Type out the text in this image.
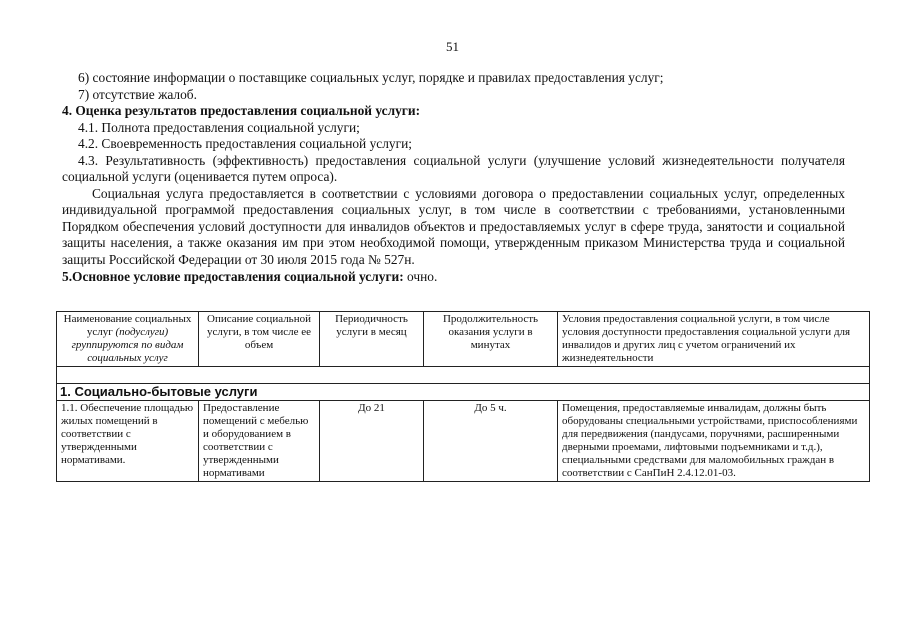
51

6) состояние информации о поставщике социальных услуг, порядке и правилах предоставления услуг;

7) отсутствие жалоб.

4. Оценка результатов предоставления социальной услуги:

4.1. Полнота предоставления социальной услуги;

4.2. Своевременность предоставления социальной услуги;

4.3. Результативность (эффективность) предоставления социальной услуги (улучшение условий жизнедеятельности получателя социальной услуги (оценивается путем опроса).

Социальная услуга предоставляется в соответствии с условиями договора о предоставлении социальных услуг, определенных индивидуальной программой предоставления социальных услуг, в том числе в соответствии с требованиями, установленными Порядком обеспечения условий доступности для инвалидов объектов и предоставляемых услуг в сфере труда, занятости и социальной защиты населения, а также оказания им при этом необходимой помощи, утвержденным приказом Министерства труда и социальной защиты Российской Федерации от 30 июля 2015 года № 527н.

5.Основное условие предоставления социальной услуги: очно.

Наименование социальных услуг (подуслуги) группируются по видам социальных услуг	Описание социальной услуги, в том числе ее объем	Периодичность услуги в месяц	Продолжительность оказания услуги в минутах	Условия предоставления социальной услуги, в том числе условия доступности предоставления социальной услуги для инвалидов и других лиц с учетом ограничений их жизнедеятельности

1. Социально-бытовые услуги				
1.1. Обеспечение площадью жилых помещений в соответствии с утвержденными нормативами.	Предоставление помещений с мебелью и оборудованием в соответствии с утвержденными нормативами	До 21	До 5 ч.	Помещения, предоставляемые инвалидам, должны быть оборудованы специальными устройствами, приспособлениями для передвижения (пандусами, поручнями, расширенными дверными проемами, лифтовыми подъемниками и т.д.), специальными средствами для маломобильных граждан в соответствии с СанПиН 2.4.12.01-03.
